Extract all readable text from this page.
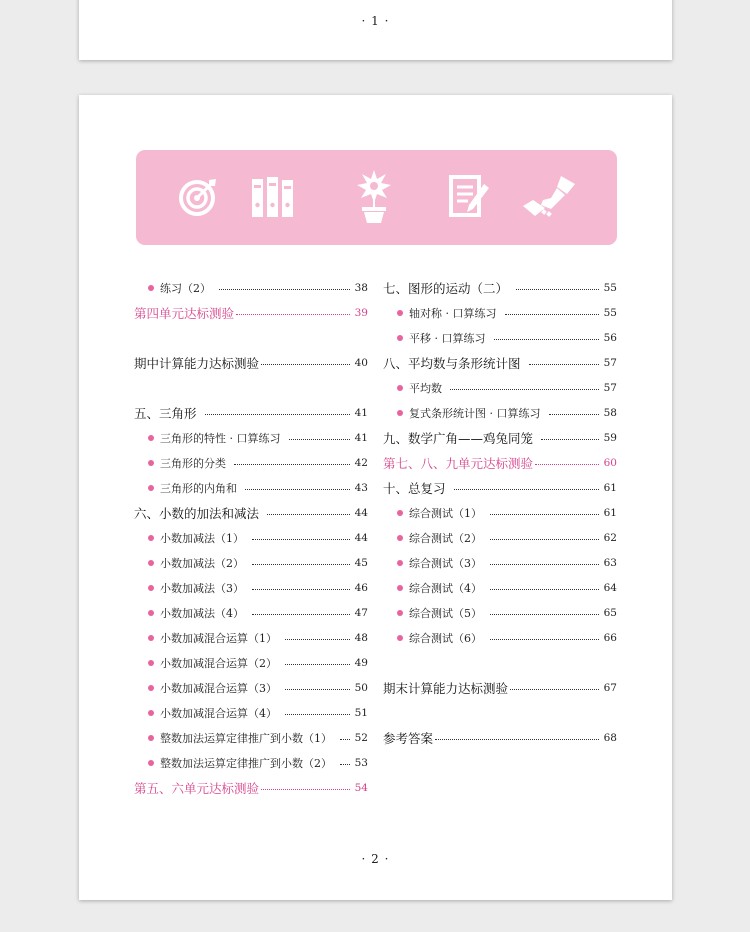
· 1 ·
练习（2）	38
第四单元达标测验	39
期中计算能力达标测验	40
五、三角形	41
三角形的特性 · 口算练习	41
三角形的分类	42
三角形的内角和	43
六、小数的加法和减法	44
小数加减法（1）	44
小数加减法（2）	45
小数加减法（3）	46
小数加减法（4）	47
小数加减混合运算（1）	48
小数加减混合运算（2）	49
小数加减混合运算（3）	50
小数加减混合运算（4）	51
整数加法运算定律推广到小数（1） 52
整数加法运算定律推广到小数（2） 53
第五、六单元达标测验	54
七、图形的运动（二）	55
轴对称 · 口算练习	55
平移 · 口算练习	56
八、平均数与条形统计图	57
平均数	57
复式条形统计图 · 口算练习	58
九、数学广角——鸡兔同笼	59
第七、八、九单元达标测验	60
十、总复习	61
综合测试（1）	61
综合测试（2）	62
综合测试（3）	63
综合测试（4）	64
综合测试（5）	65
综合测试（6）	66
期末计算能力达标测验	67
参考答案	68
· 2 ·
